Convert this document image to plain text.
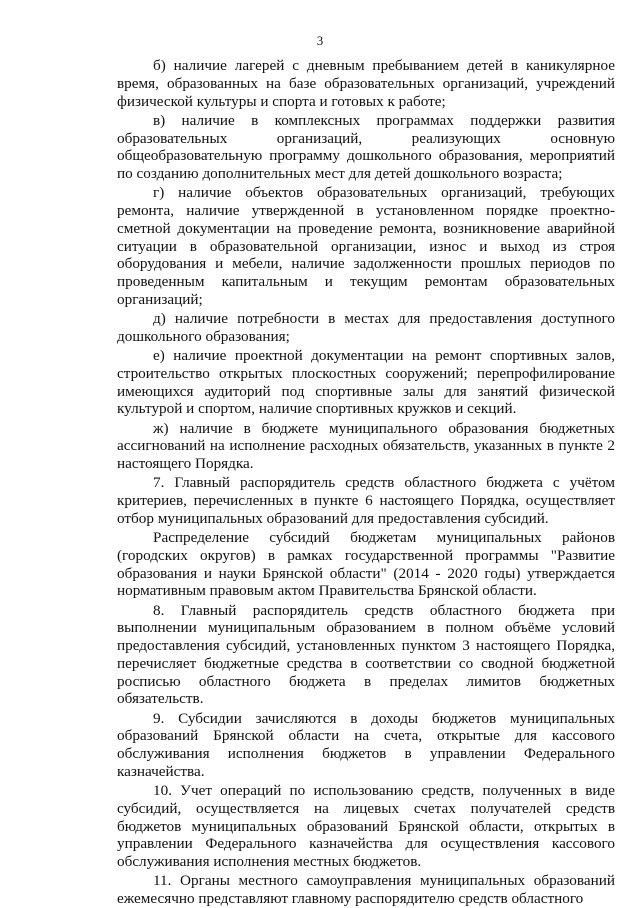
3

б) наличие лагерей с дневным пребыванием детей в каникулярное время, образованных на базе образовательных организаций, учреждений физической культуры и спорта и готовых к работе;

в) наличие в комплексных программах поддержки развития образовательных организаций, реализующих основную общеобразовательную программу дошкольного образования, мероприятий по созданию дополнительных мест для детей дошкольного возраста;

г) наличие объектов образовательных организаций, требующих ремонта, наличие утвержденной в установленном порядке проектно-сметной документации на проведение ремонта, возникновение аварийной ситуации в образовательной организации, износ и выход из строя оборудования и мебели, наличие задолженности прошлых периодов по проведенным капитальным и текущим ремонтам образовательных организаций;

д) наличие потребности в местах для предоставления доступного дошкольного образования;

е) наличие проектной документации на ремонт спортивных залов, строительство открытых плоскостных сооружений; перепрофилирование имеющихся аудиторий под спортивные залы для занятий физической культурой и спортом, наличие спортивных кружков и секций.

ж) наличие в бюджете муниципального образования бюджетных ассигнований на исполнение расходных обязательств, указанных в пункте 2 настоящего Порядка.

7. Главный распорядитель средств областного бюджета с учётом критериев, перечисленных в пункте 6 настоящего Порядка, осуществляет отбор муниципальных образований для предоставления субсидий.

Распределение субсидий бюджетам муниципальных районов (городских округов) в рамках государственной программы "Развитие образования и науки Брянской области" (2014 - 2020 годы) утверждается нормативным правовым актом Правительства Брянской области.

8. Главный распорядитель средств областного бюджета при выполнении муниципальным образованием в полном объёме условий предоставления субсидий, установленных пунктом 3 настоящего Порядка, перечисляет бюджетные средства в соответствии со сводной бюджетной росписью областного бюджета в пределах лимитов бюджетных обязательств.

9. Субсидии зачисляются в доходы бюджетов муниципальных образований Брянской области на счета, открытые для кассового обслуживания исполнения бюджетов в управлении Федерального казначейства.

10. Учет операций по использованию средств, полученных в виде субсидий, осуществляется на лицевых счетах получателей средств бюджетов муниципальных образований Брянской области, открытых в управлении Федерального казначейства для осуществления кассового обслуживания исполнения местных бюджетов.

11. Органы местного самоуправления муниципальных образований ежемесячно представляют главному распорядителю средств областного
